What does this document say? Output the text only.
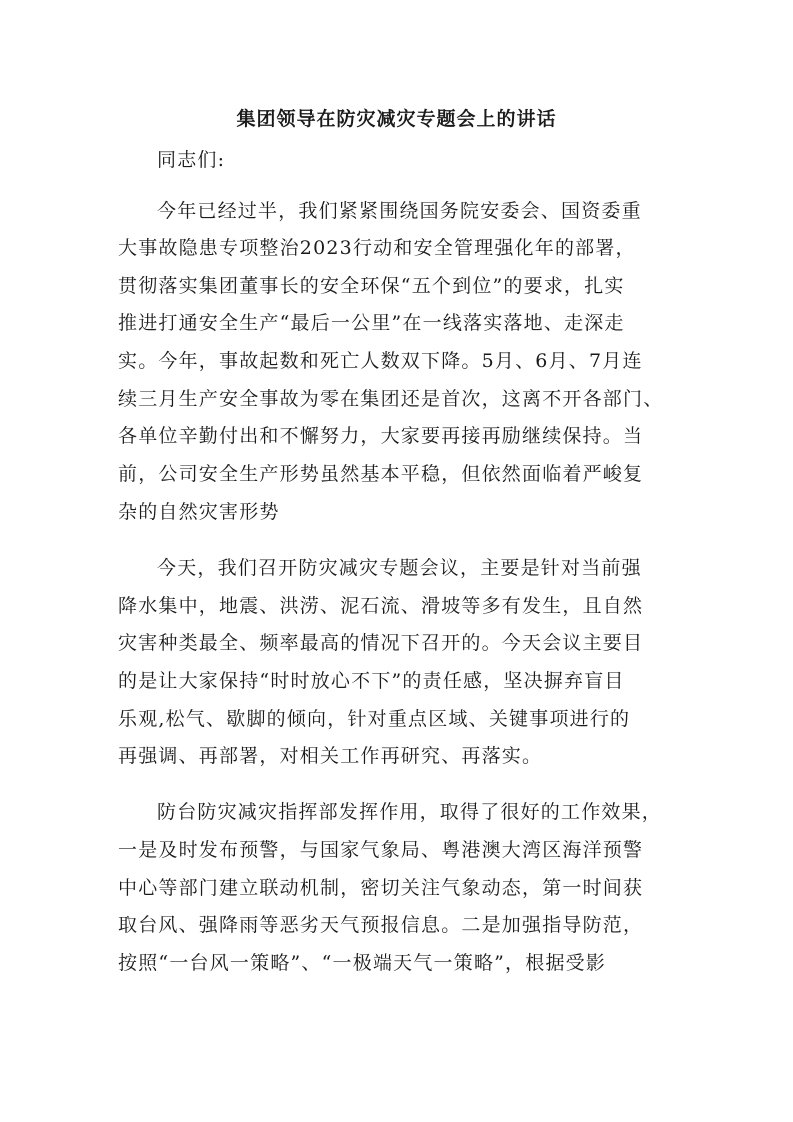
集团领导在防灾减灾专题会上的讲话
同志们:
今年已经过半，我们紧紧围绕国务院安委会、国资委重
大事故隐患专项整治2023行动和安全管理强化年的部署，
贯彻落实集团董事长的安全环保“五个到位”的要求，扎实
推进打通安全生产“最后一公里”在一线落实落地、走深走
实。今年，事故起数和死亡人数双下降。5月、6月、7月连
续三月生产安全事故为零在集团还是首次，这离不开各部门、
各单位辛勤付出和不懈努力，大家要再接再励继续保持。当
前，公司安全生产形势虽然基本平稳，但依然面临着严峻复
杂的自然灾害形势
今天，我们召开防灾减灾专题会议，主要是针对当前强
降水集中，地震、洪涝、泥石流、滑坡等多有发生，且自然
灾害种类最全、频率最高的情况下召开的。今天会议主要目
的是让大家保持“时时放心不下”的责任感，坚决摒弃盲目
乐观,松气、歇脚的倾向，针对重点区域、关键事项进行的
再强调、再部署，对相关工作再研究、再落实。
防台防灾减灾指挥部发挥作用，取得了很好的工作效果，
一是及时发布预警，与国家气象局、粤港澳大湾区海洋预警
中心等部门建立联动机制，密切关注气象动态，第一时间获
取台风、强降雨等恶劣天气预报信息。二是加强指导防范，
按照“一台风一策略”、“一极端天气一策略”，根据受影
